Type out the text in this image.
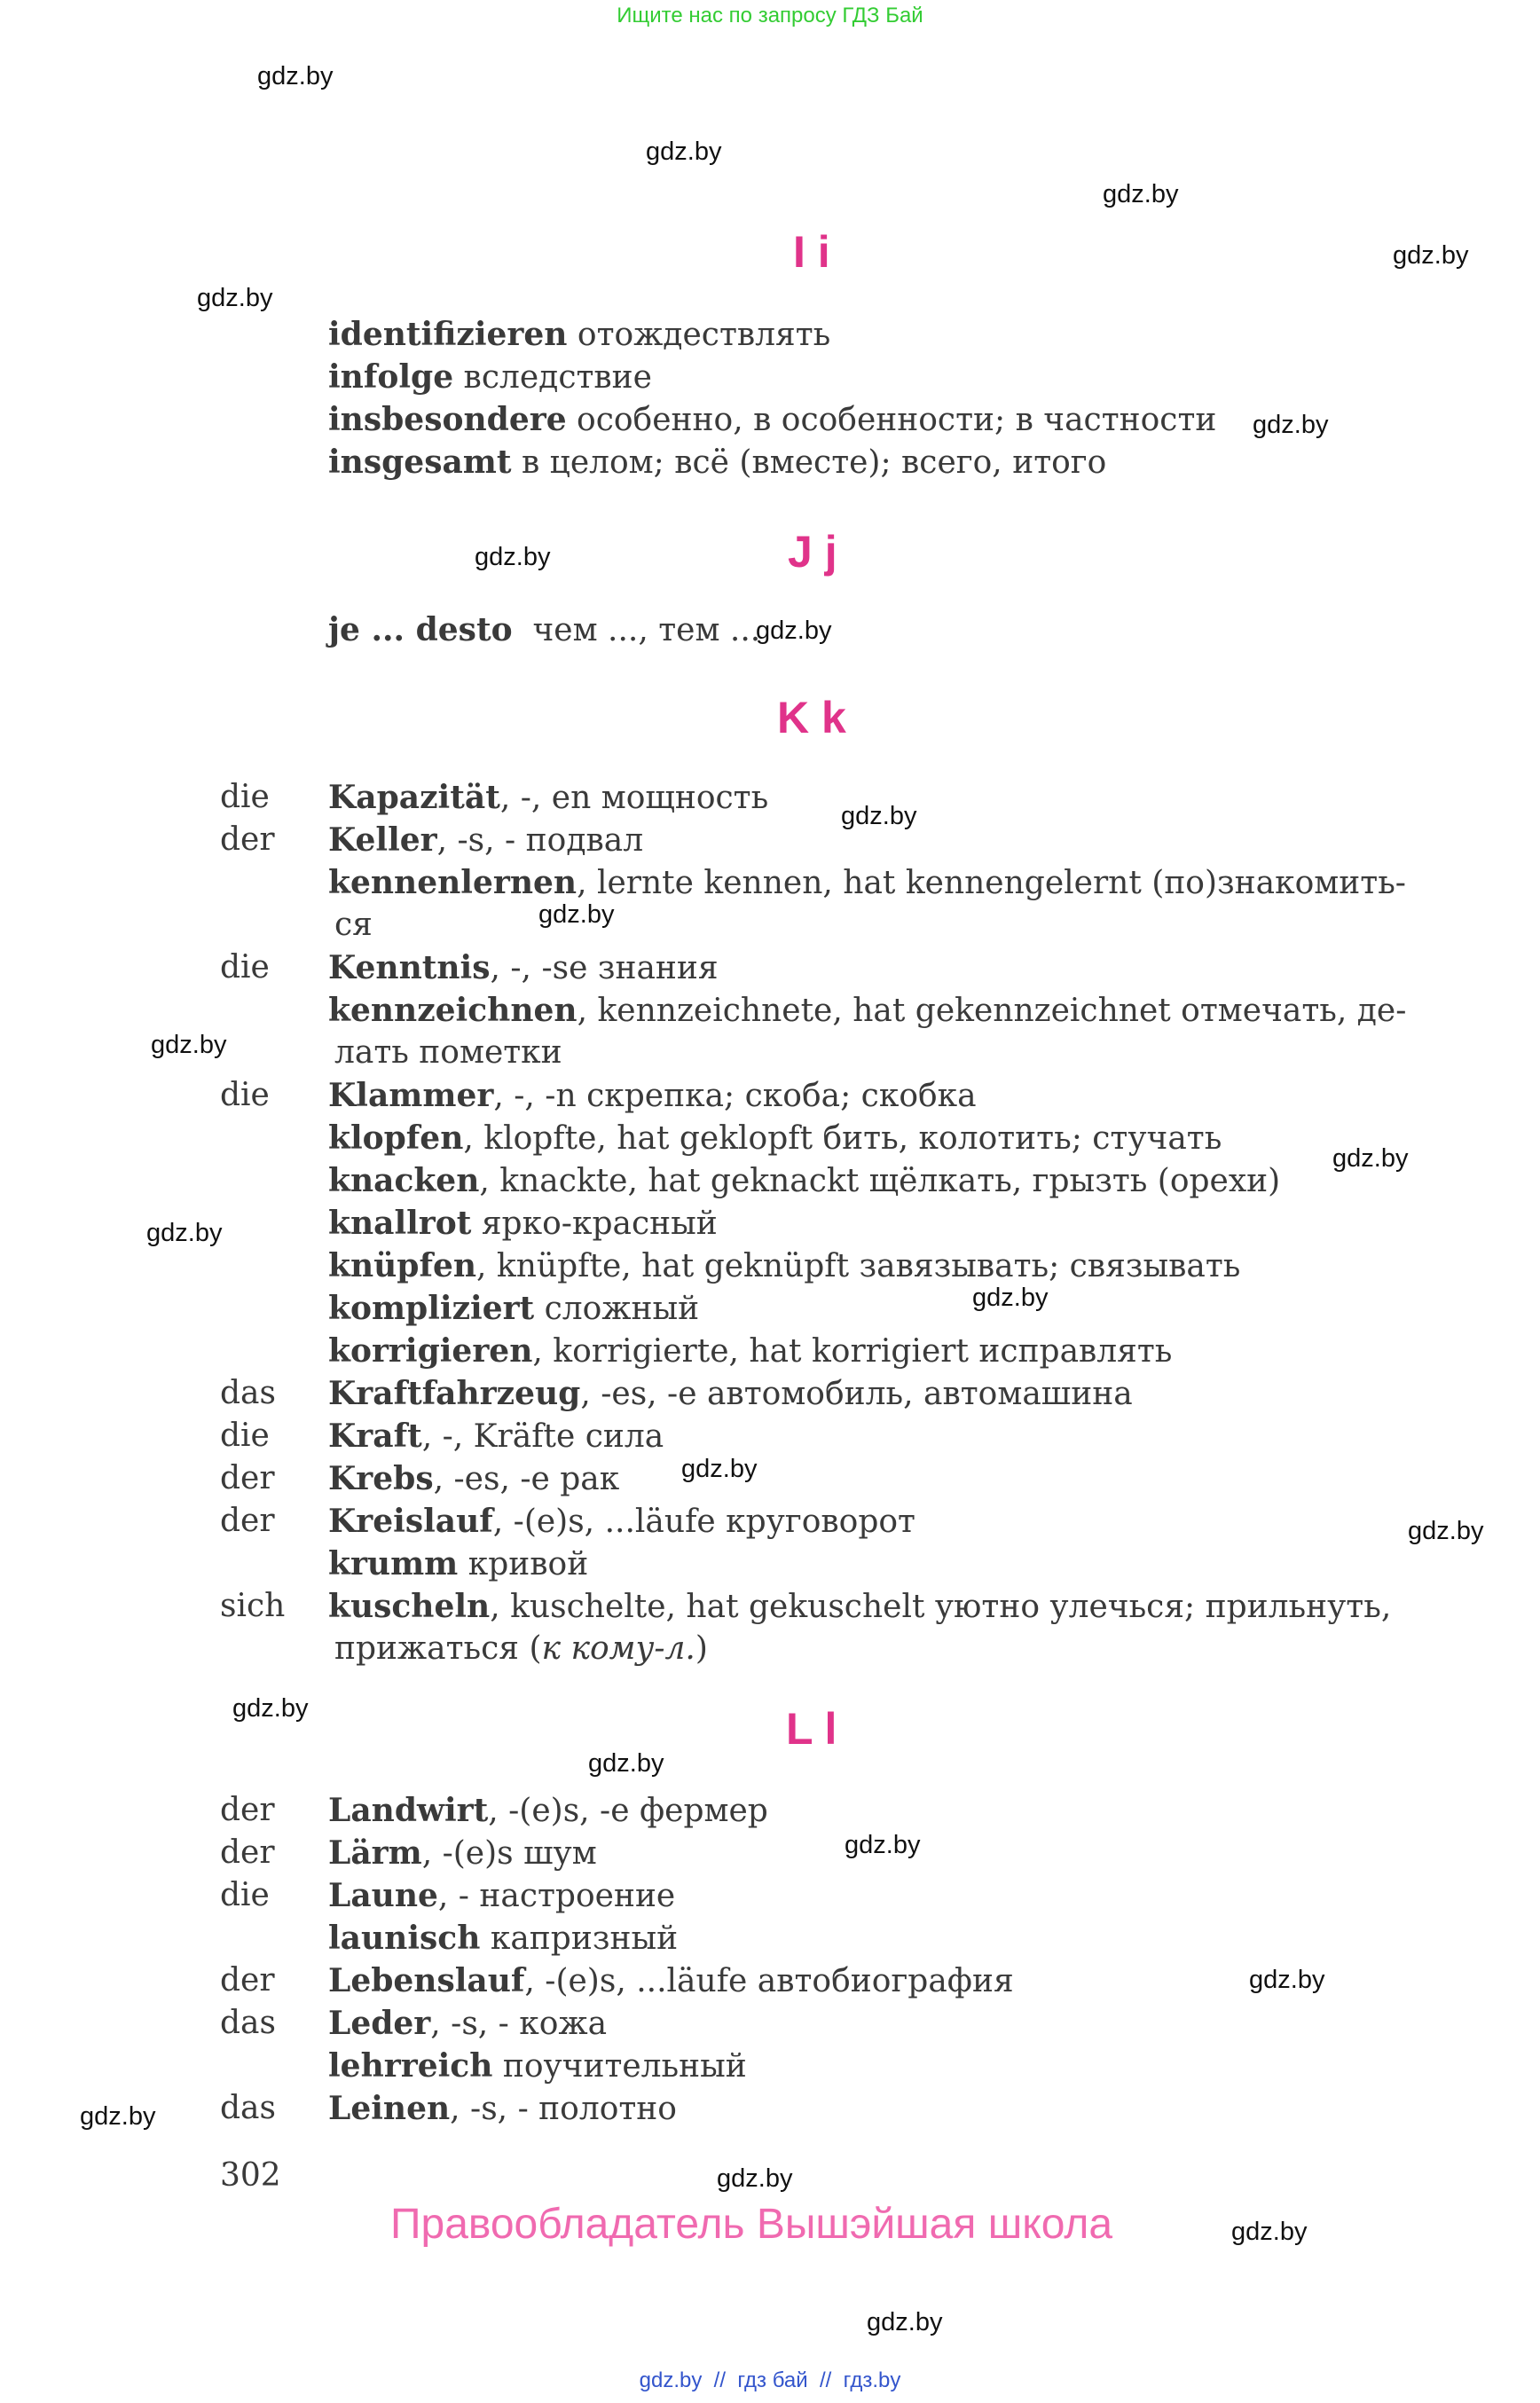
Ищите нас по запросу ГДЗ Бай
gdz.by
gdz.by
gdz.by
gdz.by
gdz.by
gdz.by
gdz.by
gdz.by
gdz.by
gdz.by
gdz.by
gdz.by
gdz.by
gdz.by
gdz.by
gdz.by
gdz.by
gdz.by
gdz.by
gdz.by
gdz.by
gdz.by
gdz.by
gdz.by
I i
identifizieren отождествлять
infolge вследствие
insbesondere особенно, в особенности; в частности
insgesamt в целом; всё (вместе); всего, итого
J j
je ... desto  чем ..., тем ...
K k
die Kapazität, -, en мощность
der Keller, -s, - подвал
kennenlernen, lernte kennen, hat kennengelernt (по)знакомить-
ся
die Kenntnis, -, -se знания
kennzeichnen, kennzeichnete, hat gekennzeichnet отмечать, де-
лать пометки
die Klammer, -, -n скрепка; скоба; скобка
klopfen, klopfte, hat geklopft бить, колотить; стучать
knacken, knackte, hat geknackt щёлкать, грызть (орехи)
knallrot ярко-красный
knüpfen, knüpfte, hat geknüpft завязывать; связывать
kompliziert сложный
korrigieren, korrigierte, hat korrigiert исправлять
das Kraftfahrzeug, -es, -e автомобиль, автомашина
die Kraft, -, Kräfte сила
der Krebs, -es, -e рак
der Kreislauf, -(e)s, ...läufe круговорот
krumm кривой
sich kuscheln, kuschelte, hat gekuschelt уютно улечься; прильнуть,
прижаться (к кому-л.)
L l
der Landwirt, -(e)s, -e фермер
der Lärm, -(e)s шум
die Laune, - настроение
launisch капризный
der Lebenslauf, -(e)s, ...läufe автобиография
das Leder, -s, - кожа
lehrreich поучительный
das Leinen, -s, - полотно
302
Правообладатель Вышэйшая школа
gdz.by  //  гдз бай  //  гдз.by
